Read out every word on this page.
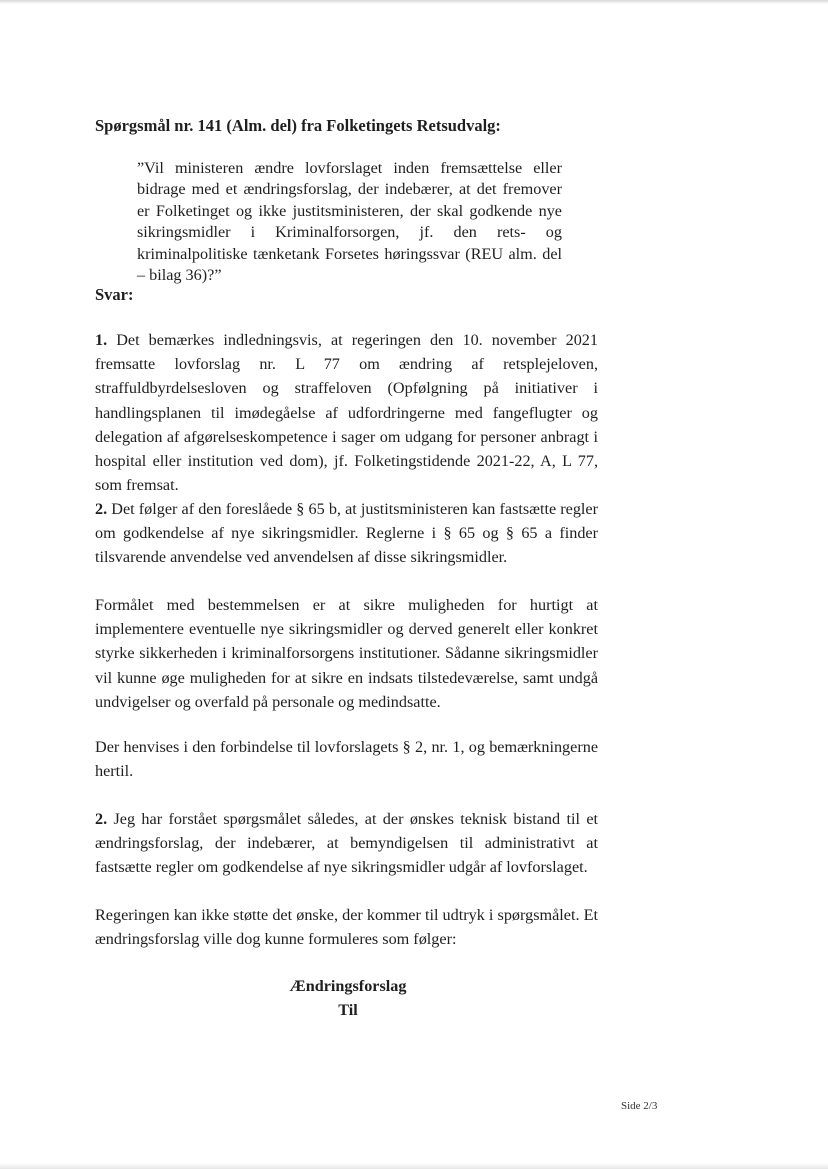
Spørgsmål nr. 141 (Alm. del) fra Folketingets Retsudvalg:

”Vil ministeren ændre lovforslaget inden fremsættelse eller bidrage med et ændringsforslag, der indebærer, at det fremover er Folketinget og ikke justitsministeren, der skal godkende nye sikringsmidler i Kriminalforsorgen, jf. den rets- og kriminalpolitiske tænketank Forsetes høringssvar (REU alm. del – bilag 36)?”

Svar:

1. Det bemærkes indledningsvis, at regeringen den 10. november 2021 fremsatte lovforslag nr. L 77 om ændring af retsplejeloven, straffuldbyrdelsesloven og straffeloven (Opfølgning på initiativer i handlingsplanen til imødegåelse af udfordringerne med fangeflugter og delegation af afgørelseskompetence i sager om udgang for personer anbragt i hospital eller institution ved dom), jf. Folketingstidende 2021-22, A, L 77, som fremsat.

2. Det følger af den foreslåede § 65 b, at justitsministeren kan fastsætte regler om godkendelse af nye sikringsmidler. Reglerne i § 65 og § 65 a finder tilsvarende anvendelse ved anvendelsen af disse sikringsmidler.

Formålet med bestemmelsen er at sikre muligheden for hurtigt at implementere eventuelle nye sikringsmidler og derved generelt eller konkret styrke sikkerheden i kriminalforsorgens institutioner. Sådanne sikringsmidler vil kunne øge muligheden for at sikre en indsats tilstedeværelse, samt undgå undvigelser og overfald på personale og medindsatte.

Der henvises i den forbindelse til lovforslagets § 2, nr. 1, og bemærkningerne hertil.

2. Jeg har forstået spørgsmålet således, at der ønskes teknisk bistand til et ændringsforslag, der indebærer, at bemyndigelsen til administrativt at fastsætte regler om godkendelse af nye sikringsmidler udgår af lovforslaget.

Regeringen kan ikke støtte det ønske, der kommer til udtryk i spørgsmålet. Et ændringsforslag ville dog kunne formuleres som følger:

Ændringsforslag

Til

Side 2/3
